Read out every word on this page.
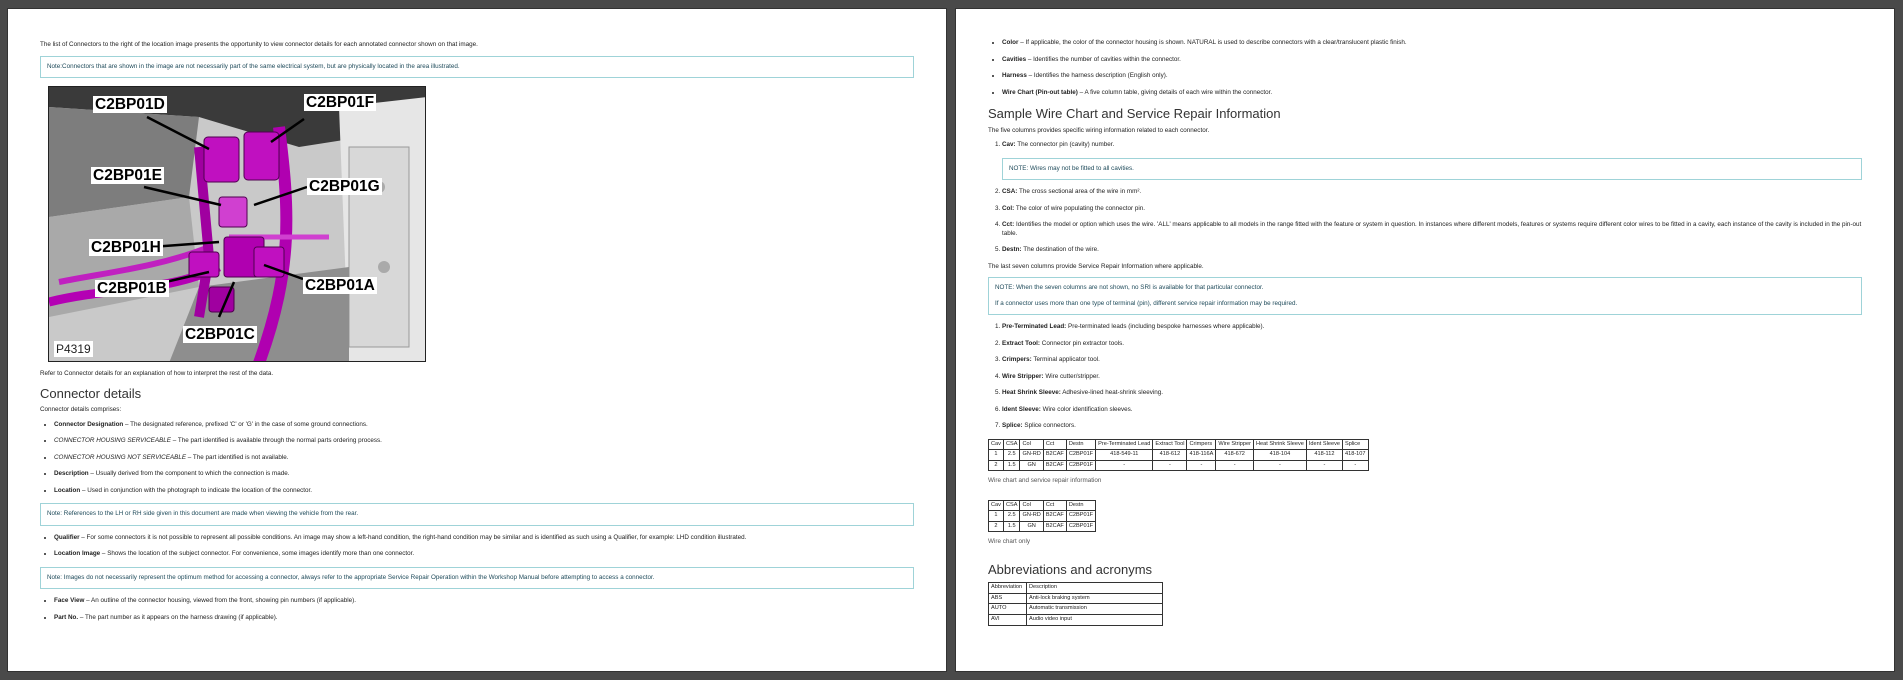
The list of Connectors to the right of the location image presents the opportunity to view connector details for each annotated connector shown on that image.

Note:Connectors that are shown in the image are not necessarily part of the same electrical system, but are physically located in the area illustrated.

C2BP01D	C2BP01F
C2BP01E
C2BP01G
C2BP01H
C2BP01B	C2BP01A
C2BP01C
P4319

Refer to Connector details for an explanation of how to interpret the rest of the data.

Connector details

Connector details comprises:

• Connector Designation – The designated reference, prefixed 'C' or 'G' in the case of some ground connections.
• CONNECTOR HOUSING SERVICEABLE – The part identified is available through the normal parts ordering process.
• CONNECTOR HOUSING NOT SERVICEABLE – The part identified is not available.
• Description – Usually derived from the component to which the connection is made.
• Location – Used in conjunction with the photograph to indicate the location of the connector.

Note: References to the LH or RH side given in this document are made when viewing the vehicle from the rear.

• Qualifier – For some connectors it is not possible to represent all possible conditions. An image may show a left-hand condition, the right-hand condition may be similar and is identified as such using a Qualifier, for example: LHD condition illustrated.
• Location Image – Shows the location of the subject connector. For convenience, some images identify more than one connector.

Note: Images do not necessarily represent the optimum method for accessing a connector, always refer to the appropriate Service Repair Operation within the Workshop Manual before attempting to access a connector.

• Face View – An outline of the connector housing, viewed from the front, showing pin numbers (if applicable).
• Part No. – The part number as it appears on the harness drawing (if applicable).
• Color – If applicable, the color of the connector housing is shown. NATURAL is used to describe connectors with a clear/translucent plastic finish.
• Cavities – Identifies the number of cavities within the connector.
• Harness – Identifies the harness description (English only).
• Wire Chart (Pin-out table) – A five column table, giving details of each wire within the connector.
Sample Wire Chart and Service Repair Information

The five columns provides specific wiring information related to each connector.

1. Cav: The connector pin (cavity) number.

NOTE: Wires may not be fitted to all cavities.

2. CSA: The cross sectional area of the wire in mm².
3. Col: The color of wire populating the connector pin.
4. Cct: Identifies the model or option which uses the wire. 'ALL' means applicable to all models in the range fitted with the feature or system in question. In instances where different models, features or systems require different color wires to be fitted in a cavity, each instance of the cavity is included in the pin-out table.
5. Destn: The destination of the wire.

The last seven columns provide Service Repair Information where applicable.

NOTE: When the seven columns are not shown, no SRI is available for that particular connector.

If a connector uses more than one type of terminal (pin), different service repair information may be required.

1. Pre-Terminated Lead: Pre-terminated leads (including bespoke harnesses where applicable).
2. Extract Tool: Connector pin extractor tools.
3. Crimpers: Terminal applicator tool.
4. Wire Stripper: Wire cutter/stripper.
5. Heat Shrink Sleeve: Adhesive-lined heat-shrink sleeving.
6. Ident Sleeve: Wire color identification sleeves.
7. Splice: Splice connectors.
Cav	CSA	Col	Cct	Destn	Pre-Terminated Lead	Extract Tool	Crimpers	Wire Stripper	Heat Shrink Sleeve	Ident Sleeve	Splice
1	2.5	GN-RD	B2CAF	C2BP01F	418-549-11	418-612	418-116A	418-672	418-104	418-112	418-107
2	1.5	GN	B2CAF	C2BP01F	-	-	-	-	-	-	-

Wire chart and service repair information

Cav	CSA	Col	Cct	Destn
1	2.5	GN-RD	B2CAF	C2BP01F
2	1.5	GN	B2CAF	C2BP01F

Wire chart only

Abbreviations and acronyms
Abbreviation	Description
ABS	Anti-lock braking system
AUTO	Automatic transmission
AVI	Audio video input
